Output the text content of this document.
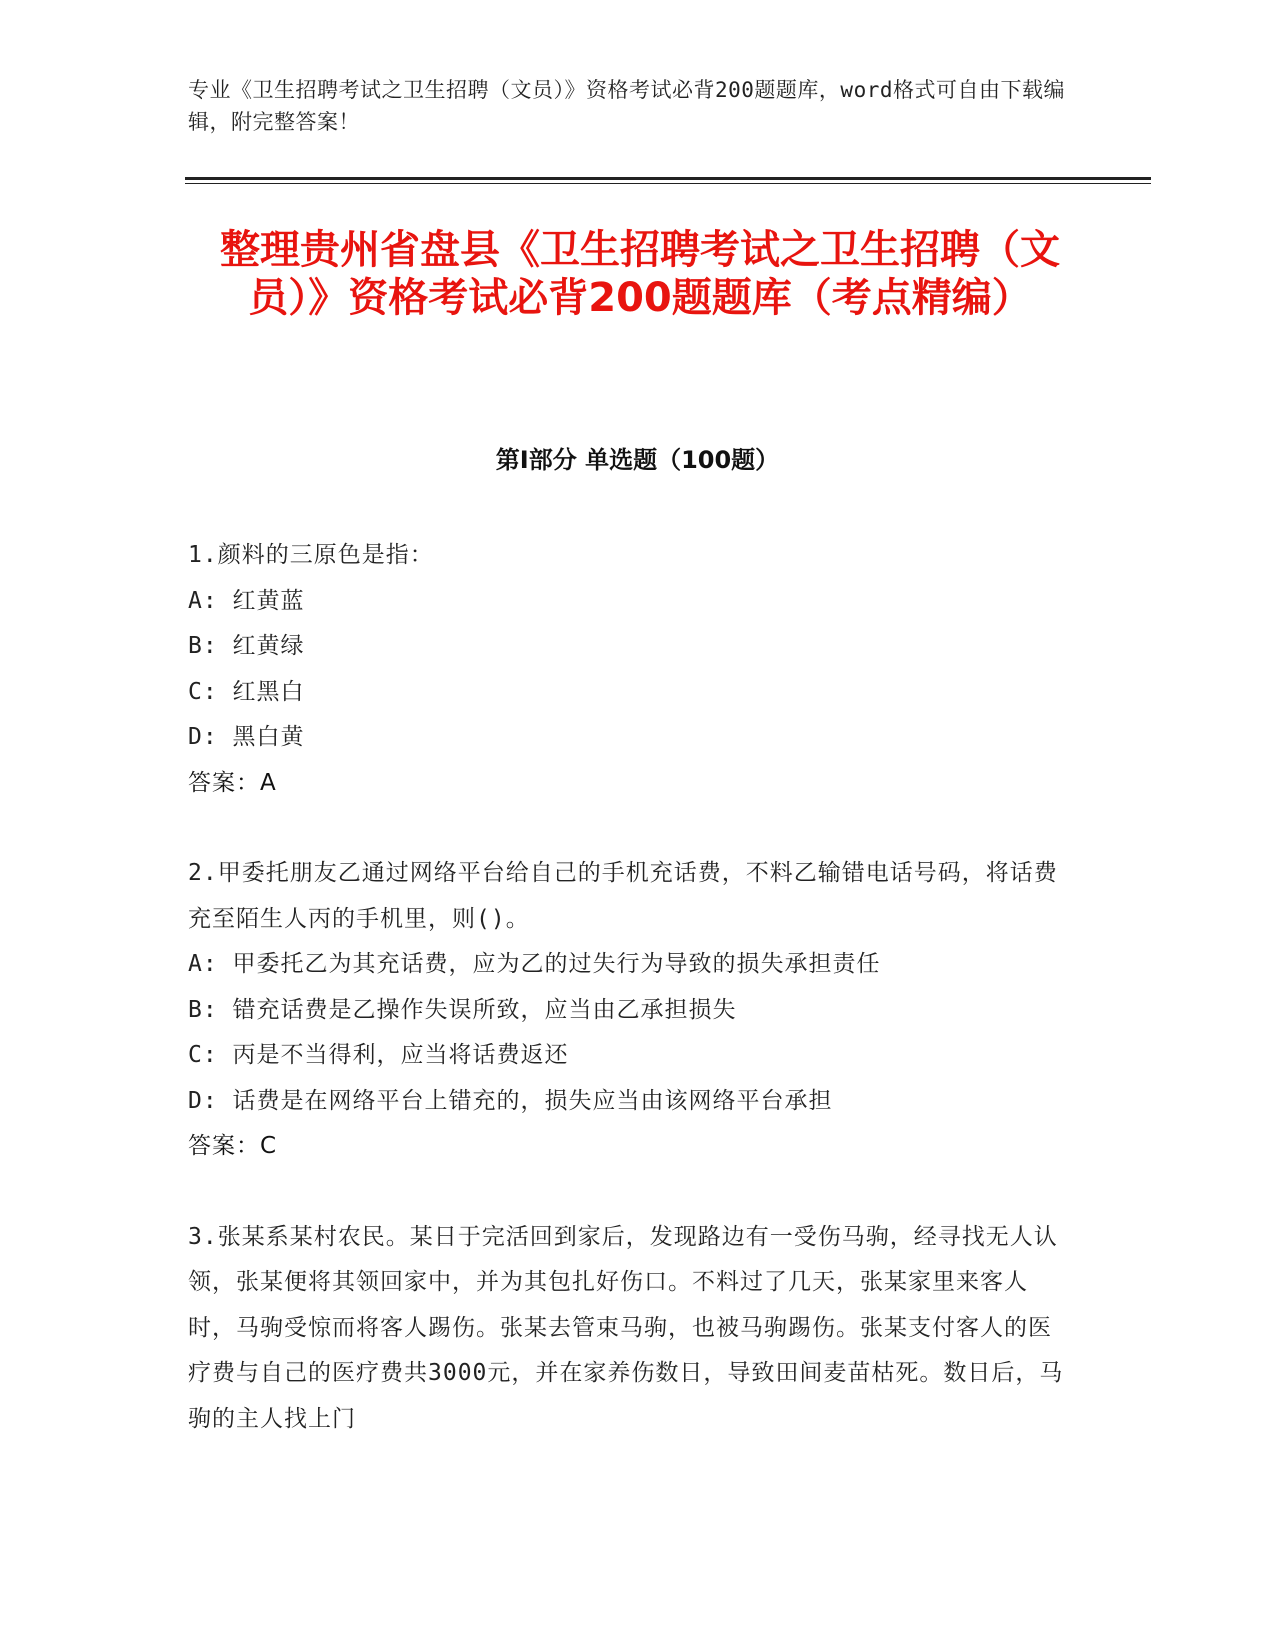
专业《卫生招聘考试之卫生招聘（文员）》资格考试必背200题题库，word格式可自由下载编辑，附完整答案！
整理贵州省盘县《卫生招聘考试之卫生招聘（文员）》资格考试必背200题题库（考点精编）
第Ⅰ部分 单选题（100题）
1.颜料的三原色是指：
A: 红黄蓝
B: 红黄绿
C: 红黑白
D: 黑白黄
答案：A
2.甲委托朋友乙通过网络平台给自己的手机充话费，不料乙输错电话号码，将话费充至陌生人丙的手机里，则()。
A: 甲委托乙为其充话费，应为乙的过失行为导致的损失承担责任
B: 错充话费是乙操作失误所致，应当由乙承担损失
C: 丙是不当得利，应当将话费返还
D: 话费是在网络平台上错充的，损失应当由该网络平台承担
答案：C
3.张某系某村农民。某日于完活回到家后，发现路边有一受伤马驹，经寻找无人认领，张某便将其领回家中，并为其包扎好伤口。不料过了几天，张某家里来客人时，马驹受惊而将客人踢伤。张某去管束马驹，也被马驹踢伤。张某支付客人的医疗费与自己的医疗费共3000元，并在家养伤数日，导致田间麦苗枯死。数日后，马驹的主人找上门
